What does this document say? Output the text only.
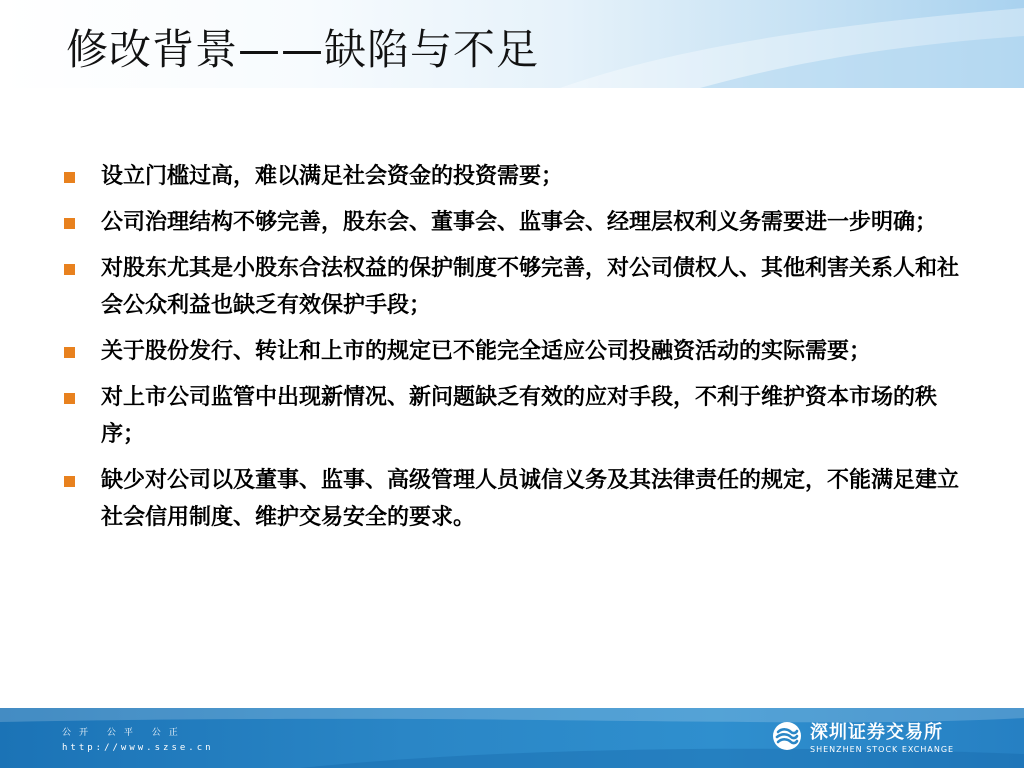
修改背景——缺陷与不足
设立门槛过高，难以满足社会资金的投资需要；
公司治理结构不够完善，股东会、董事会、监事会、经理层权利义务需要进一步明确；
对股东尤其是小股东合法权益的保护制度不够完善，对公司债权人、其他利害关系人和社会公众利益也缺乏有效保护手段；
关于股份发行、转让和上市的规定已不能完全适应公司投融资活动的实际需要；
对上市公司监管中出现新情况、新问题缺乏有效的应对手段，不利于维护资本市场的秩序；
缺少对公司以及董事、监事、高级管理人员诚信义务及其法律责任的规定，不能满足建立社会信用制度、维护交易安全的要求。
公开 公平 公正
http://www.szse.cn
深圳证券交易所
SHENZHEN STOCK EXCHANGE
